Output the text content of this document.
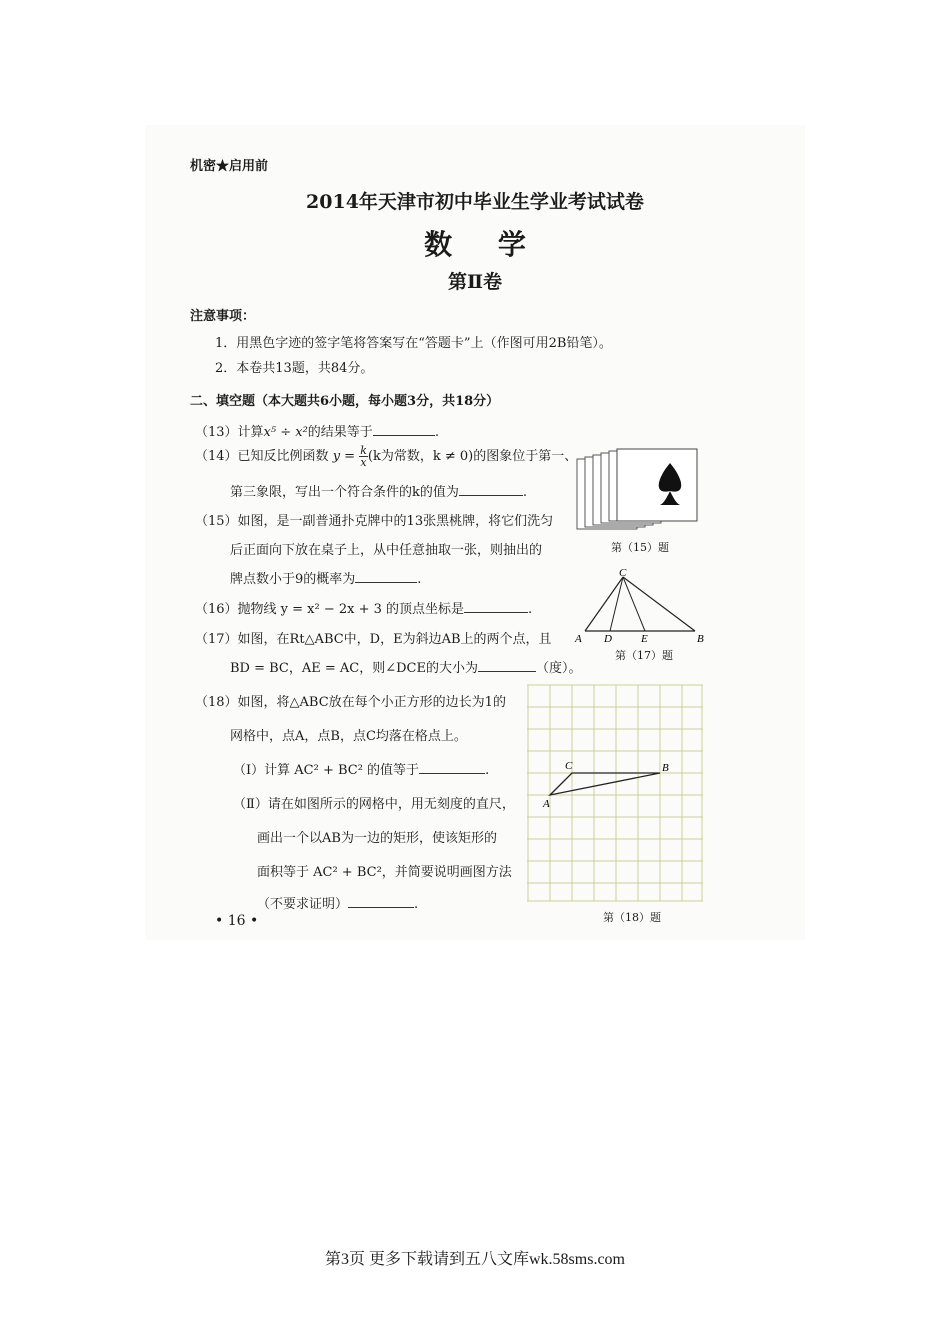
机密★启用前
2014年天津市初中毕业生学业考试试卷
数 学
第Ⅱ卷
注意事项：
1．用黑色字迹的签字笔将答案写在“答题卡”上（作图可用2B铅笔）。
2．本卷共13题，共84分。
二、填空题（本大题共6小题，每小题3分，共18分）
（13）计算x⁵ ÷ x²的结果等于	.
（14）已知反比例函数 $y = \frac{k}{x} (k$为常数，k ≠ 0)的图象位于第一、
第三象限，写出一个符合条件的k的值为	.
（15）如图，是一副普通扑克牌中的13张黑桃牌，将它们洗匀
后正面向下放在桌子上，从中任意抽取一张，则抽出的
牌点数小于9的概率为	.
（16）抛物线 y = x² − 2x + 3 的顶点坐标是	.
（17）如图，在Rt△ABC中，D，E为斜边AB上的两个点，且
BD = BC，AE = AC，则∠DCE的大小为	（度）。
（18）如图，将△ABC放在每个小正方形的边长为1的
网格中，点A，点B，点C均落在格点上。
（Ⅰ）计算 AC² + BC² 的值等于	.
（Ⅱ）请在如图所示的网格中，用无刻度的直尺，
画出一个以AB为一边的矩形，使该矩形的
面积等于 AC² + BC²，并简要说明画图方法
（不要求证明）	.
第（15）题
C
A D	E	B
第（17）题
C	B
A
第（18）题
• 16 •
第3页 更多下载请到五八文库wk.58sms.com
